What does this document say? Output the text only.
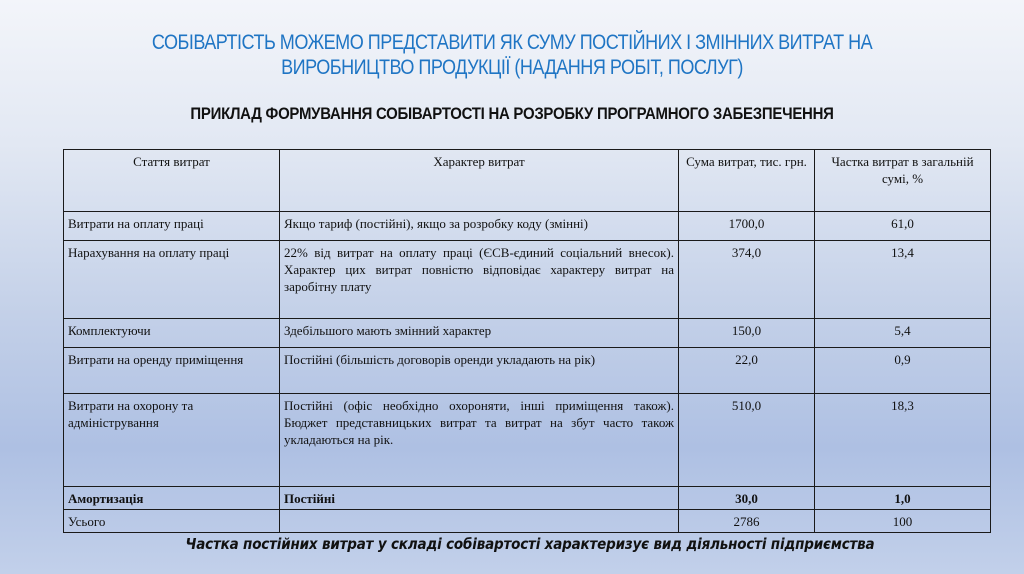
СОБІВАРТІСТЬ МОЖЕМО ПРЕДСТАВИТИ ЯК СУМУ ПОСТІЙНИХ І ЗМІННИХ ВИТРАТ НА
ВИРОБНИЦТВО ПРОДУКЦІЇ (НАДАННЯ РОБІТ, ПОСЛУГ)
ПРИКЛАД ФОРМУВАННЯ СОБІВАРТОСТІ НА РОЗРОБКУ ПРОГРАМНОГО ЗАБЕЗПЕЧЕННЯ
Стаття витрат	Характер витрат	Сума витрат, тис. грн.	Частка витрат в загальній сумі, %
Витрати на оплату праці	Якщо тариф (постійні), якщо за розробку коду (змінні)	1700,0	61,0
Нарахування на оплату праці	22% від витрат на оплату праці (ЄСВ-єдиний соціальний внесок). Характер цих витрат повністю відповідає характеру витрат на заробітну плату	374,0	13,4
Комплектуючи	Здебільшого мають змінний характер	150,0	5,4
Витрати на оренду приміщення	Постійні (більшість договорів оренди укладають на рік)	22,0	0,9
Витрати на охорону та адміністрування	Постійні (офіс необхідно охороняти, інші приміщення також). Бюджет представницьких витрат та витрат на збут часто також укладаються на рік.	510,0	18,3
Амортизація	Постійні	30,0	1,0
Усього		2786	100
Частка постійних витрат у складі собівартості характеризує вид діяльності підприємства
